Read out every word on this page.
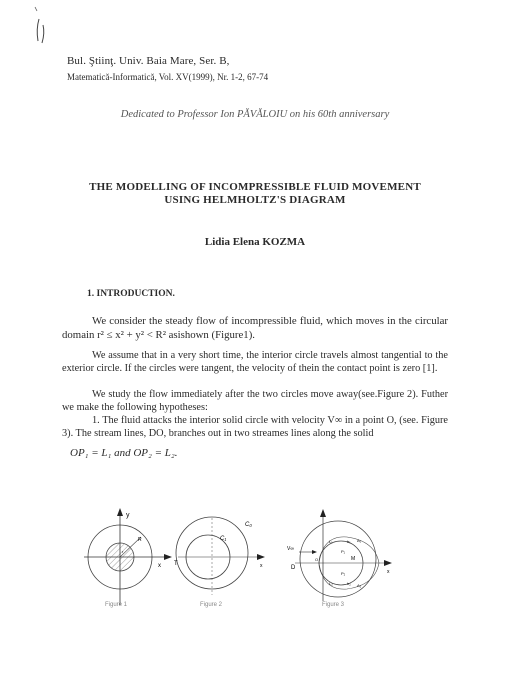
Bul. Ştiinţ. Univ. Baia Mare, Ser. B,
Matematică-Informatică, Vol. XV(1999), Nr. 1-2, 67-74
Dedicated to Professor Ion PĂVĂLOIU on his 60th anniversary
THE MODELLING OF INCOMPRESSIBLE FLUID MOVEMENT
USING HELMHOLTZ'S DIAGRAM
Lidia Elena KOZMA
1. INTRODUCTION.
We consider the steady flow of incompressible fluid, which moves in the circular domain r² ≤ x² + y² < R² asishown (Figure1).
We assume that in a very short time, the interior circle travels almost tangential to the exterior circle. If the circles were tangent, the velocity of thein the contact point is zero [1].
We study the flow immediately after the two circles move away(see.Figure 2). Futher we make the following hypotheses:
1. The fluid attacks the interior solid circle with velocity V∞ in a point O, (see. Figure 3). The stream lines, DO, branches out in two streames lines along the solid
OP₁ = L₁ and OP₂ = L₂.
y
x
R
r
Figure 1
C₁
C₀
T	x
Figure 2
V∞
D
O	M
x
L₁
L₂
P₁
P₂
A₁
A₂
h₁
h₂
Figure 3
